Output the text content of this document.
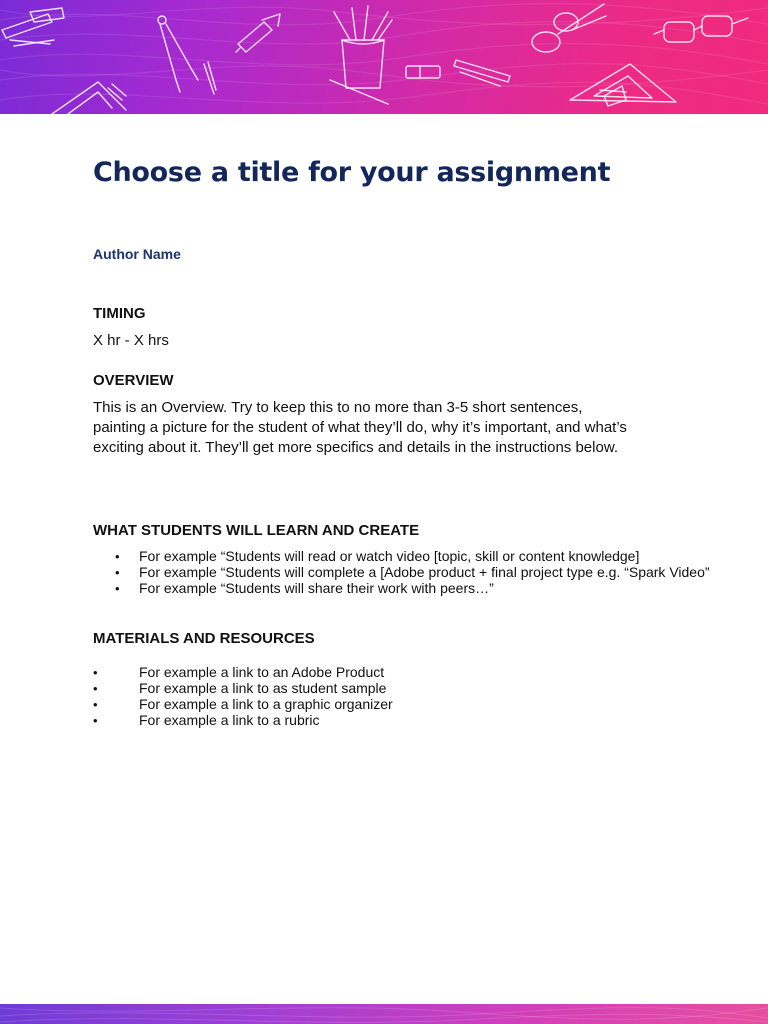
Choose a title for your assignment
Author Name
TIMING
X hr - X hrs
OVERVIEW
This is an Overview. Try to keep this to no more than 3-5 short sentences, painting a picture for the student of what they’ll do, why it’s important, and what’s exciting about it. They’ll get more specifics and details in the instructions below.
WHAT STUDENTS WILL LEARN AND CREATE
• For example “Students will read or watch video [topic, skill or content knowledge]
• For example “Students will complete a [Adobe product + final project type e.g. “Spark Video”
• For example “Students will share their work with peers…”
MATERIALS AND RESOURCES
•	For example a link to an Adobe Product
•	For example a link to as student sample
•	For example a link to a graphic organizer
•	For example a link to a rubric
